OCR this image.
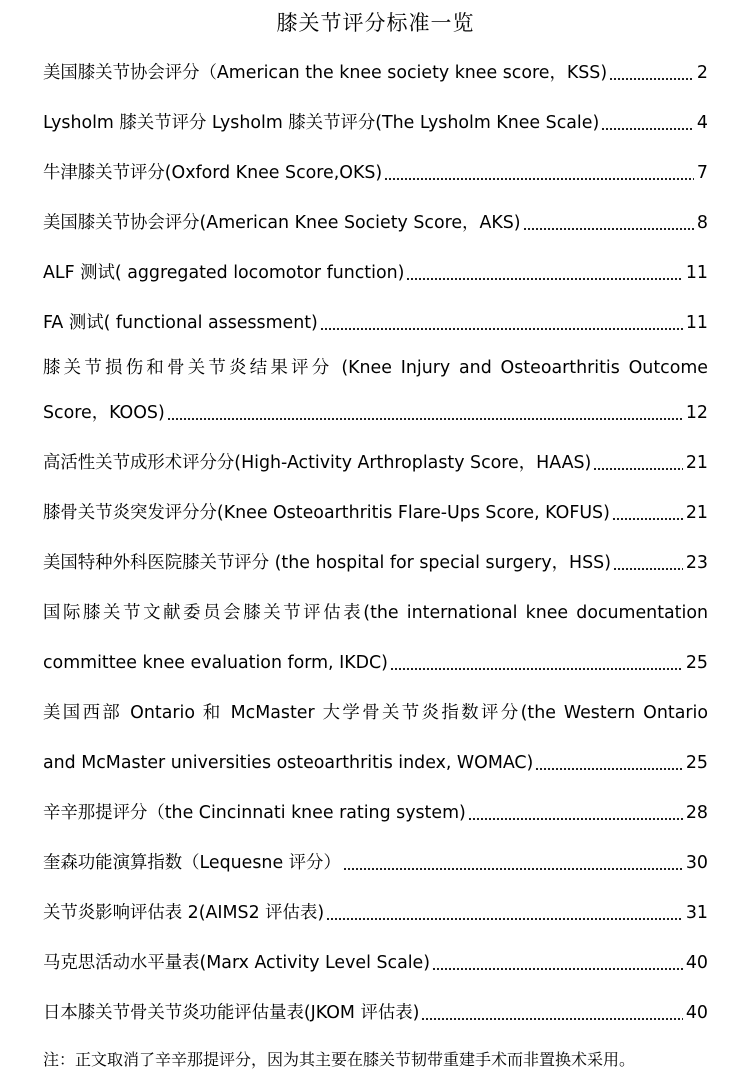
膝关节评分标准一览
美国膝关节协会评分（American the knee society knee score，KSS)	2
Lysholm 膝关节评分 Lysholm 膝关节评分(The Lysholm Knee Scale)	4
牛津膝关节评分(Oxford Knee Score,OKS)	7
美国膝关节协会评分(American Knee Society Score，AKS)	8
ALF 测试( aggregated locomotor function)	11
FA 测试( functional assessment)	11
膝关节损伤和骨关节炎结果评分 (Knee Injury and Osteoarthritis Outcome
Score，KOOS)	12
高活性关节成形术评分分(High-Activity Arthroplasty Score，HAAS)	21
膝骨关节炎突发评分分(Knee Osteoarthritis Flare-Ups Score, KOFUS)	21
美国特种外科医院膝关节评分 (the hospital for special surgery，HSS)	23
国际膝关节文献委员会膝关节评估表(the international knee documentation
committee knee evaluation form, IKDC)	25
美国西部 Ontario 和 McMaster 大学骨关节炎指数评分(the Western Ontario
and McMaster universities osteoarthritis index, WOMAC)	25
辛辛那提评分（the Cincinnati knee rating system)	28
奎森功能演算指数（Lequesne 评分）	30
关节炎影响评估表 2(AIMS2 评估表)	31
马克思活动水平量表(Marx Activity Level Scale)	40
日本膝关节骨关节炎功能评估量表(JKOM 评估表)	40
注：正文取消了辛辛那提评分，因为其主要在膝关节韧带重建手术而非置换术采用。
